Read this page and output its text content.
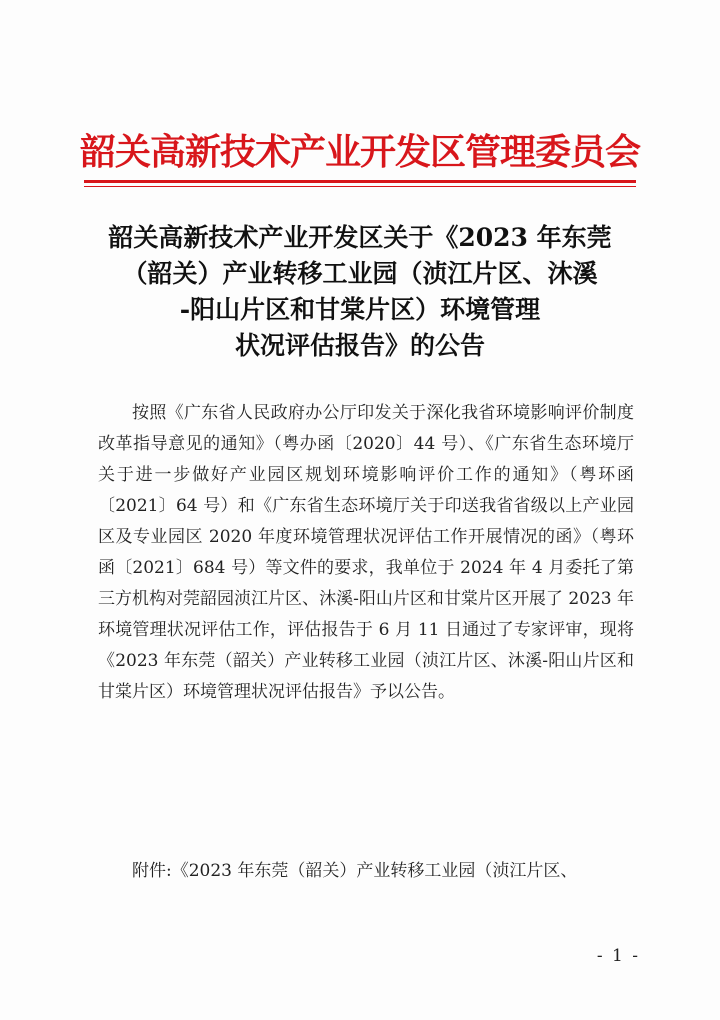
韶关高新技术产业开发区管理委员会
韶关高新技术产业开发区关于《2023 年东莞
（韶关）产业转移工业园（浈江片区、沐溪
-阳山片区和甘棠片区）环境管理
状况评估报告》的公告

按照《广东省人民政府办公厅印发关于深化我省环境影响评价制度改革指导意见的通知》（粤办函〔2020〕44 号）、《广东省生态环境厅关于进一步做好产业园区规划环境影响评价工作的通知》（粤环函〔2021〕64 号）和《广东省生态环境厅关于印送我省省级以上产业园区及专业园区 2020 年度环境管理状况评估工作开展情况的函》（粤环函〔2021〕684 号）等文件的要求，我单位于 2024 年 4 月委托了第三方机构对莞韶园浈江片区、沐溪-阳山片区和甘棠片区开展了 2023 年环境管理状况评估工作，评估报告于 6 月 11 日通过了专家评审，现将《2023 年东莞（韶关）产业转移工业园（浈江片区、沐溪-阳山片区和甘棠片区）环境管理状况评估报告》予以公告。

附件:《2023 年东莞（韶关）产业转移工业园（浈江片区、
- 1 -
